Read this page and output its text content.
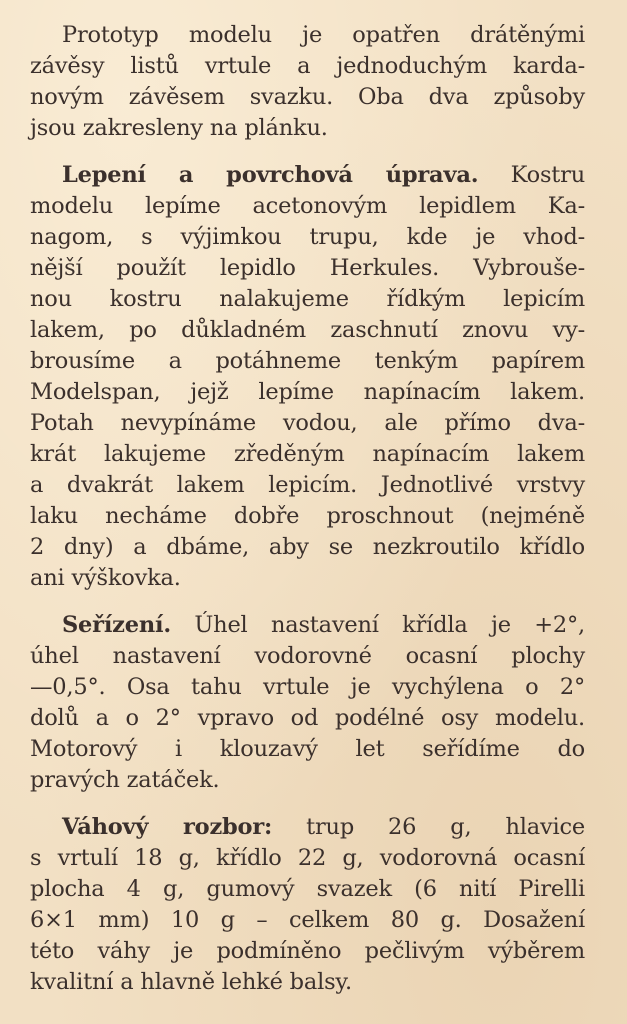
Prototyp modelu je opatřen drátěnými
závěsy listů vrtule a jednoduchým karda-
novým závěsem svazku. Oba dva způsoby
jsou zakresleny na plánku.

Lepení a povrchová úprava. Kostru
modelu lepíme acetonovým lepidlem Ka-
nagom, s výjimkou trupu, kde je vhod-
nější použít lepidlo Herkules. Vybrouše-
nou kostru nalakujeme řídkým lepicím
lakem, po důkladném zaschnutí znovu vy-
brousíme a potáhneme tenkým papírem
Modelspan, jejž lepíme napínacím lakem.
Potah nevypínáme vodou, ale přímo dva-
krát lakujeme zředěným napínacím lakem
a dvakrát lakem lepicím. Jednotlivé vrstvy
laku necháme dobře proschnout (nejméně
2 dny) a dbáme, aby se nezkroutilo křídlo
ani výškovka.

Seřízení. Úhel nastavení křídla je +2°,
úhel nastavení vodorovné ocasní plochy
—0,5°. Osa tahu vrtule je vychýlena o 2°
dolů a o 2° vpravo od podélné osy modelu.
Motorový i klouzavý let seřídíme do
pravých zatáček.

Váhový rozbor: trup 26 g, hlavice
s vrtulí 18 g, křídlo 22 g, vodorovná ocasní
plocha 4 g, gumový svazek (6 nití Pirelli
6×1 mm) 10 g – celkem 80 g. Dosažení
této váhy je podmíněno pečlivým výběrem
kvalitní a hlavně lehké balsy.
